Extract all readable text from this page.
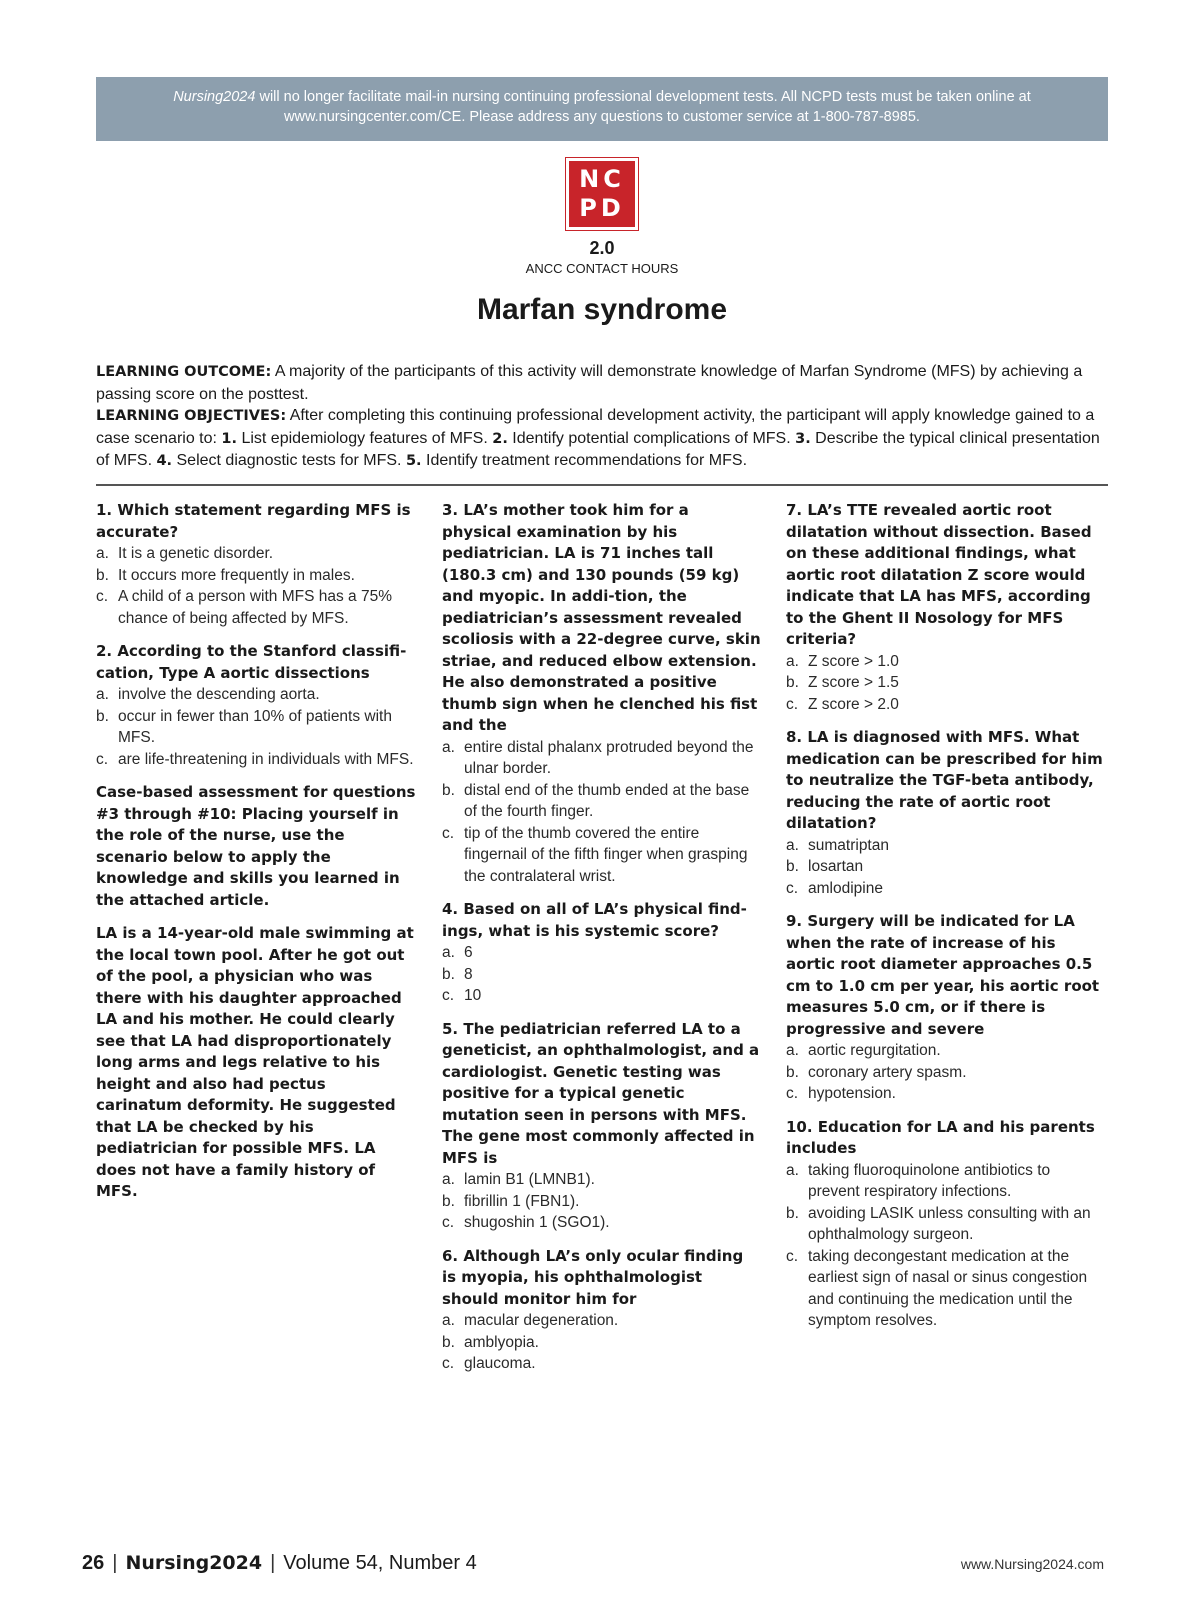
Nursing2024 will no longer facilitate mail-in nursing continuing professional development tests. All NCPD tests must be taken online at
www.nursingcenter.com/CE. Please address any questions to customer service at 1-800-787-8985.
NC
PD
2.0
ANCC CONTACT HOURS
Marfan syndrome

LEARNING OUTCOME: A majority of the participants of this activity will demonstrate knowledge of Marfan Syndrome (MFS) by achieving a passing score on the posttest.

LEARNING OBJECTIVES: After completing this continuing professional development activity, the participant will apply knowledge gained to a case scenario to: 1. List epidemiology features of MFS. 2. Identify potential complications of MFS. 3. Describe the typical clinical presentation of MFS. 4. Select diagnostic tests for MFS. 5. Identify treatment recommendations for MFS.

1. Which statement regarding MFS is accurate?
a. It is a genetic disorder.
b. It occurs more frequently in males.
c. A child of a person with MFS has a 75% chance of being affected by MFS.
2. According to the Stanford classifi-cation, Type A aortic dissections
a. involve the descending aorta.
b. occur in fewer than 10% of patients with MFS.
c. are life-threatening in individuals with MFS.
Case-based assessment for questions #3 through #10: Placing yourself in the role of the nurse, use the scenario below to apply the knowledge and skills you learned in the attached article.
LA is a 14-year-old male swimming at the local town pool. After he got out of the pool, a physician who was there with his daughter approached LA and his mother. He could clearly see that LA had disproportionately long arms and legs relative to his height and also had pectus carinatum deformity. He suggested that LA be checked by his pediatrician for possible MFS. LA does not have a family history of MFS.
3. LA’s mother took him for a physical examination by his pediatrician. LA is 71 inches tall (180.3 cm) and 130 pounds (59 kg) and myopic. In addi-tion, the pediatrician’s assessment revealed scoliosis with a 22-degree curve, skin striae, and reduced elbow extension. He also demonstrated a positive thumb sign when he clenched his fist and the
a. entire distal phalanx protruded beyond the ulnar border.
b. distal end of the thumb ended at the base of the fourth finger.
c. tip of the thumb covered the entire fingernail of the fifth finger when grasping the contralateral wrist.
4. Based on all of LA’s physical find-ings, what is his systemic score?
a. 6
b. 8
c. 10
5. The pediatrician referred LA to a geneticist, an ophthalmologist, and a cardiologist. Genetic testing was positive for a typical genetic mutation seen in persons with MFS. The gene most commonly affected in MFS is
a. lamin B1 (LMNB1).
b. fibrillin 1 (FBN1).
c. shugoshin 1 (SGO1).
6. Although LA’s only ocular finding is myopia, his ophthalmologist should monitor him for
a. macular degeneration.
b. amblyopia.
c. glaucoma.
7. LA’s TTE revealed aortic root dilatation without dissection. Based on these additional findings, what aortic root dilatation Z score would indicate that LA has MFS, according to the Ghent II Nosology for MFS criteria?
a. Z score > 1.0
b. Z score > 1.5
c. Z score > 2.0
8. LA is diagnosed with MFS. What medication can be prescribed for him to neutralize the TGF-beta antibody, reducing the rate of aortic root dilatation?
a. sumatriptan
b. losartan
c. amlodipine
9. Surgery will be indicated for LA when the rate of increase of his aortic root diameter approaches 0.5 cm to 1.0 cm per year, his aortic root measures 5.0 cm, or if there is progressive and severe
a. aortic regurgitation.
b. coronary artery spasm.
c. hypotension.
10. Education for LA and his parents includes
a. taking fluoroquinolone antibiotics to prevent respiratory infections.
b. avoiding LASIK unless consulting with an ophthalmology surgeon.
c. taking decongestant medication at the earliest sign of nasal or sinus congestion and continuing the medication until the symptom resolves.
26 | Nursing2024 | Volume 54, Number 4	www.Nursing2024.com
